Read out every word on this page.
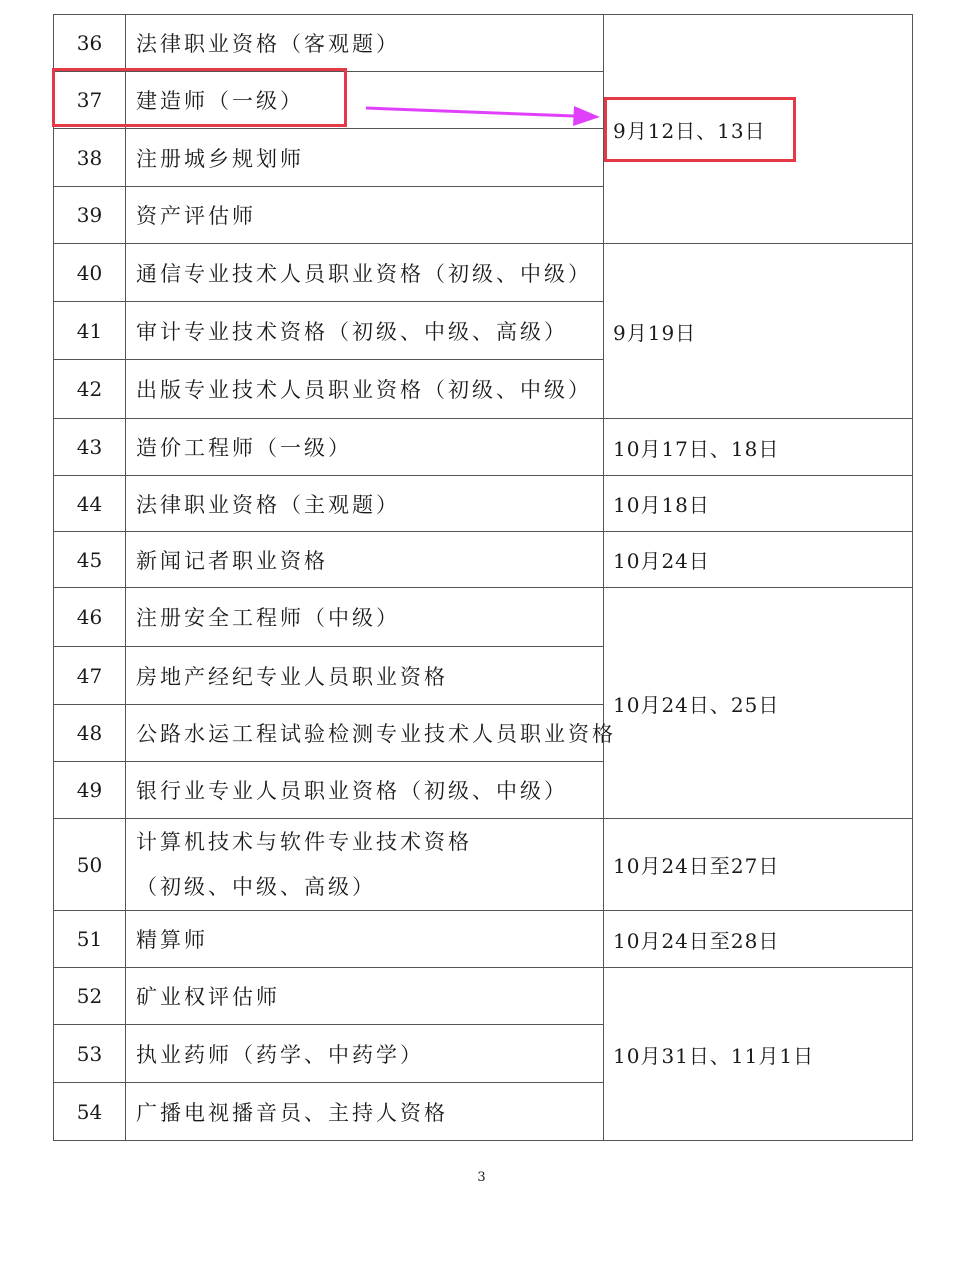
36	法律职业资格（客观题）	9月12日、13日
37	建造师（一级）	
38	注册城乡规划师	
39	资产评估师	
40	通信专业技术人员职业资格（初级、中级）	9月19日
41	审计专业技术资格（初级、中级、高级）	
42	出版专业技术人员职业资格（初级、中级）	
43	造价工程师（一级）	10月17日、18日
44	法律职业资格（主观题）	10月18日
45	新闻记者职业资格	10月24日
46	注册安全工程师（中级）	10月24日、25日
47	房地产经纪专业人员职业资格	
48	公路水运工程试验检测专业技术人员职业资格	
49	银行业专业人员职业资格（初级、中级）	
50	计算机技术与软件专业技术资格
（初级、中级、高级）	10月24日至27日
51	精算师	10月24日至28日
52	矿业权评估师	10月31日、11月1日
53	执业药师（药学、中药学）	
54	广播电视播音员、主持人资格	
3
